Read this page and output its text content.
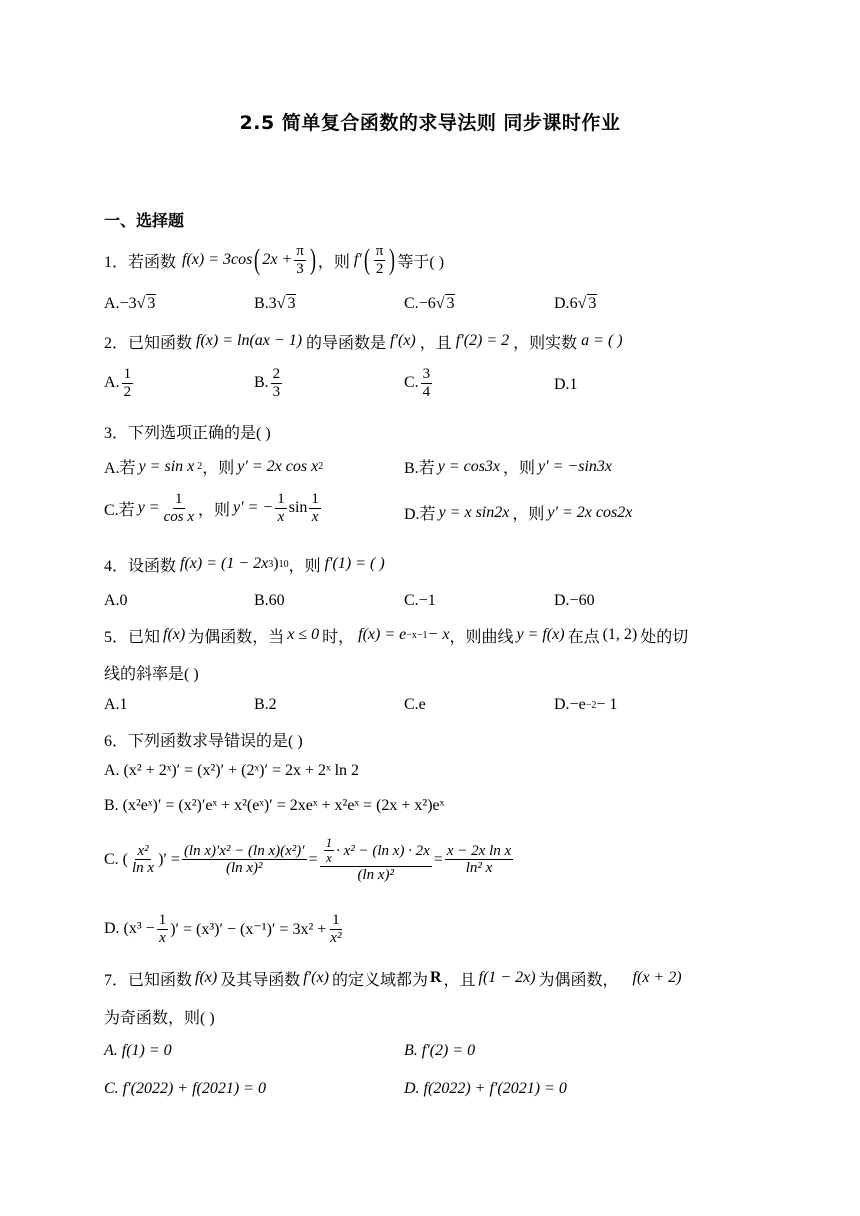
2.5 简单复合函数的求导法则 同步课时作业
一、选择题
1．若函数 f(x) = 3cos ( $2x + \frac{\pi}{3}$ ) ，则 f′ ( $\frac{\pi}{2}$ ) 等于( )
A. −3 √ 3	B. 3 √ 3	C. −6 √ 3	D. 6 √ 3
2．已知函数 f(x) = ln(ax − 1) 的导函数是 f′(x) ，且 f′(2) = 2 ，则实数 a = ( )
A. $\frac{1}{2}$	B. $\frac{2}{3}$	C. $\frac{3}{4}$	D.1
3．下列选项正确的是( )
A.若 y = sin x 2 ，则 y′ = 2x cos x 2	B.若 y = cos3x ，则 y′ = −sin3x
C.若 $y = \frac{1}{\text{cos x}}$ ，则 y′ = − $\frac{1}{x}$ $\sin \frac{1}{x}$	D.若 y = x sin2x ，则 y′ = 2x cos2x
4．设函数 f(x) = (1 − 2x 3 ) 10 ，则 f′(1) = ( )
A.0	B.60	C.−1	D.−60
5．已知 f(x) 为偶函数，当 x ≤ 0 时， f(x) = e −x−1 − x ，则曲线 y = f(x) 在点 (1, 2) 处的切
线的斜率是( )
A.1	B.2	C.e	D.−e −2 − 1
6．下列函数求导错误的是( )
A. (x² + 2ˣ)′ = (x²)′ + (2ˣ)′ = 2x + 2ˣ ln 2
B. (x²eˣ)′ = (x²)′eˣ + x²(eˣ)′ = 2xeˣ + x²eˣ = (2x + x²)eˣ
C. ( $\frac{\text{x²}}{\text{ln x}}$ )′ = $\frac{\text{(ln x)′x² − (ln x)(x²)′}}{\text{(ln x)²}} = \frac{\frac{1}{x} \cdot x^2 - (\ln x) \cdot 2x}{\text{(ln x)²}} = \frac{\text{x − 2x ln x}}{\text{ln² x}}$
D. ($x^3 - \frac{1}{x}$ )′ = $(x^3)' - (x^{-1})' = 3x^2 + \frac{1}{\text{x²}}$
7．已知函数 f(x) 及其导函数 f′(x) 的定义域都为 R ，且 f(1 − 2x) 为偶函数， f(x + 2)
为奇函数，则( )
A. f(1) = 0	B. f′(2) = 0
C. f′(2022) + f(2021) = 0	D. f(2022) + f′(2021) = 0
